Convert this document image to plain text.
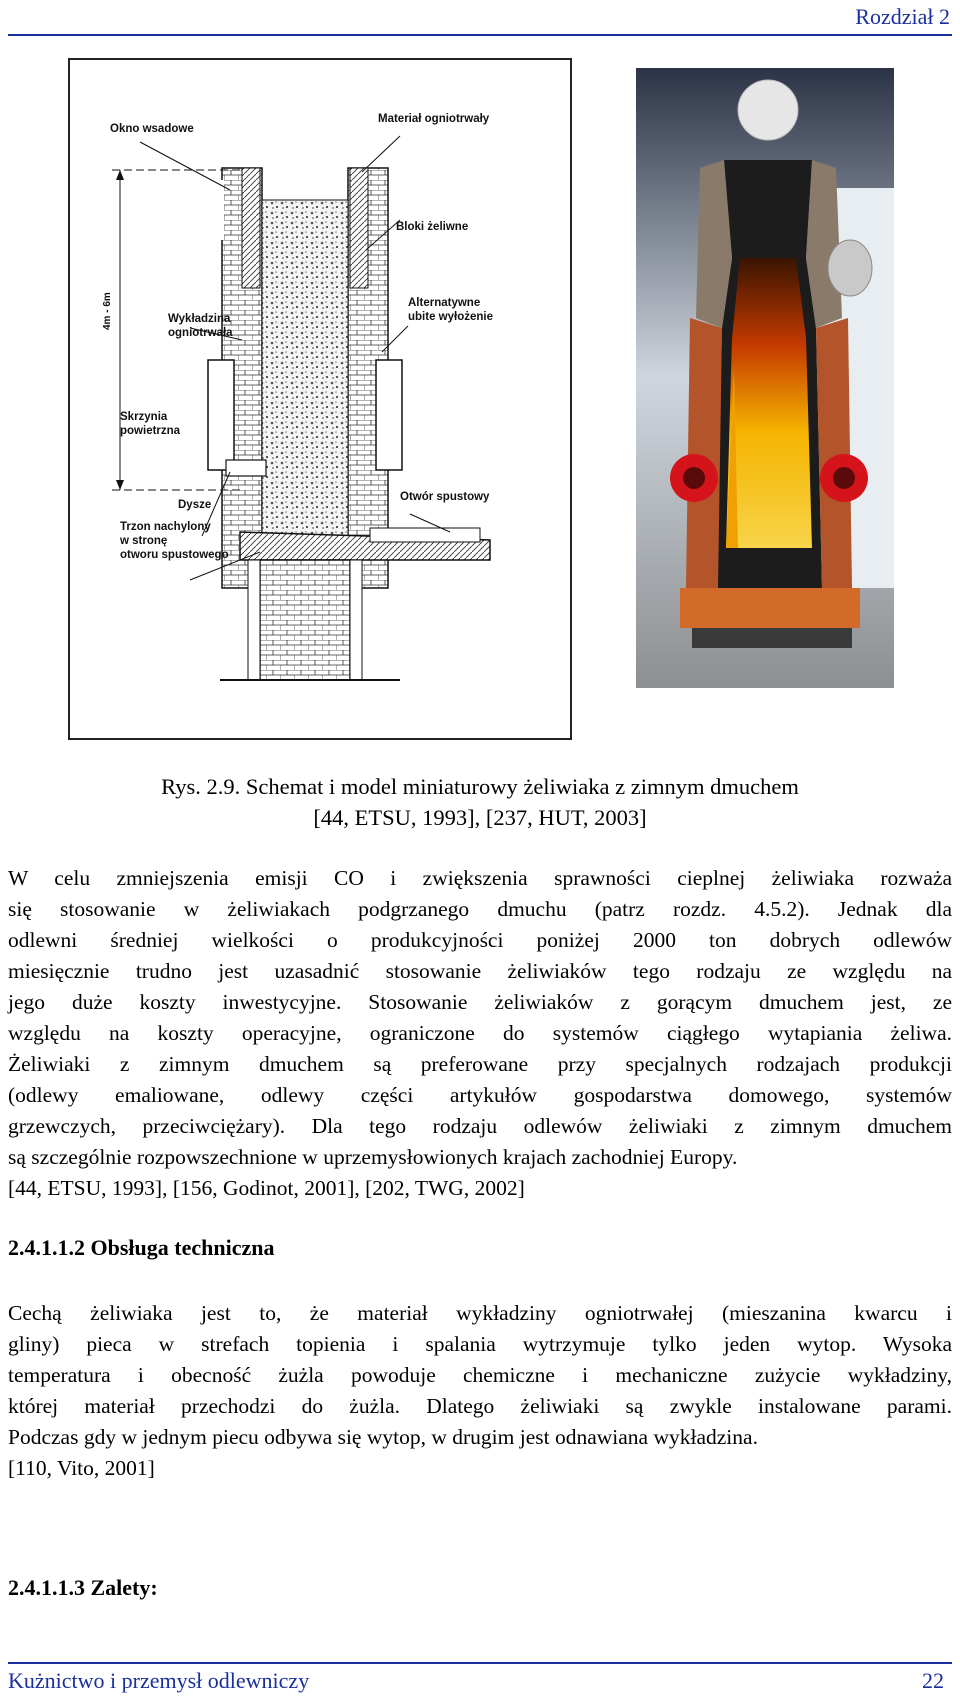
Rozdział 2
Okno wsadowe
Materiał ogniotrwały
Bloki żeliwne
Wykładzina
ogniotrwała
Alternatywne
ubite wyłożenie
Skrzynia
powietrzna
Dysze
Otwór spustowy
Trzon nachylony
w stronę
otworu spustowego
4m - 6m
Rys. 2.9. Schemat i model miniaturowy żeliwiaka z zimnym dmuchem
[44, ETSU, 1993], [237, HUT, 2003]
W celu zmniejszenia emisji CO i zwiększenia sprawności cieplnej żeliwiaka rozważa
się stosowanie w żeliwiakach podgrzanego dmuchu (patrz rozdz. 4.5.2). Jednak dla
odlewni średniej wielkości o produkcyjności poniżej 2000 ton dobrych odlewów
miesięcznie trudno jest uzasadnić stosowanie żeliwiaków tego rodzaju ze względu na
jego duże koszty inwestycyjne. Stosowanie żeliwiaków z gorącym dmuchem jest, ze
względu na koszty operacyjne, ograniczone do systemów ciągłego wytapiania żeliwa.
Żeliwiaki z zimnym dmuchem są preferowane przy specjalnych rodzajach produkcji
(odlewy emaliowane, odlewy części artykułów gospodarstwa domowego, systemów
grzewczych, przeciwciężary). Dla tego rodzaju odlewów żeliwiaki z zimnym dmuchem
są szczególnie rozpowszechnione w uprzemysłowionych krajach zachodniej Europy.
[44, ETSU, 1993], [156, Godinot, 2001], [202, TWG, 2002]
2.4.1.1.2 Obsługa techniczna
Cechą żeliwiaka jest to, że materiał wykładziny ogniotrwałej (mieszanina kwarcu i
gliny) pieca w strefach topienia i spalania wytrzymuje tylko jeden wytop. Wysoka
temperatura i obecność żużla powoduje chemiczne i mechaniczne zużycie wykładziny,
której materiał przechodzi do żużla. Dlatego żeliwiaki są zwykle instalowane parami.
Podczas gdy w jednym piecu odbywa się wytop, w drugim jest odnawiana wykładzina.
[110, Vito, 2001]
2.4.1.1.3 Zalety:
Kużnictwo i przemysł odlewniczy	22
